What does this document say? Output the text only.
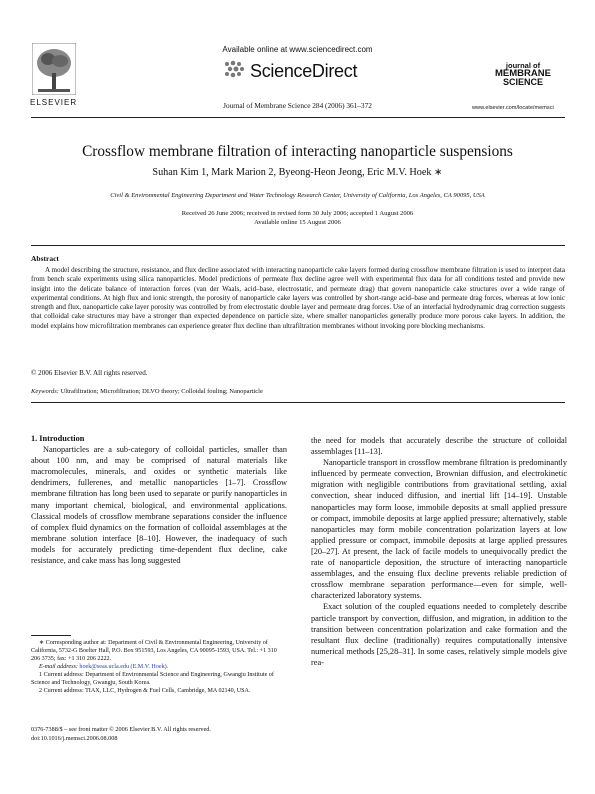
ELSEVIER
Available online at www.sciencedirect.com
ScienceDirect
Journal of Membrane Science 284 (2006) 361–372
journal of
MEMBRANE
SCIENCE
www.elsevier.com/locate/memsci
Crossflow membrane filtration of interacting nanoparticle suspensions
Suhan Kim 1, Mark Marion 2, Byeong-Heon Jeong, Eric M.V. Hoek ∗
Civil & Environmental Engineering Department and Water Technology Research Center, University of California, Los Angeles, CA 90095, USA
Received 26 June 2006; received in revised form 30 July 2006; accepted 1 August 2006
Available online 15 August 2006
Abstract
A model describing the structure, resistance, and flux decline associated with interacting nanoparticle cake layers formed during crossflow membrane filtration is used to interpret data from bench scale experiments using silica nanoparticles. Model predictions of permeate flux decline agree well with experimental flux data for all conditions tested and provide new insight into the delicate balance of interaction forces (van der Waals, acid–base, electrostatic, and permeate drag) that govern nanoparticle cake structures over a wide range of experimental conditions. At high flux and ionic strength, the porosity of nanoparticle cake layers was controlled by short-range acid–base and permeate drag forces, whereas at low ionic strength and flux, nanoparticle cake layer porosity was controlled by from electrostatic double layer and permeate drag forces. Use of an interfacial hydrodynamic drag correction suggests that colloidal cake structures may have a stronger than expected dependence on particle size, where smaller nanoparticles generally produce more porous cake layers. In addition, the model explains how microfiltration membranes can experience greater flux decline than ultrafiltration membranes without invoking pore blocking mechanisms.
© 2006 Elsevier B.V. All rights reserved.
Keywords: Ultrafiltration; Microfiltration; DLVO theory; Colloidal fouling; Nanoparticle

1. Introduction

Nanoparticles are a sub-category of colloidal particles, smaller than about 100 nm, and may be comprised of natural materials like macromolecules, minerals, and oxides or synthetic materials like dendrimers, fullerenes, and metallic nanoparticles [1–7]. Crossflow membrane filtration has long been used to separate or purify nanoparticles in many important chemical, biological, and environmental applications. Classical models of crossflow membrane separations consider the influence of complex fluid dynamics on the formation of colloidal assemblages at the membrane solution interface [8–10]. However, the inadequacy of such models for accurately predicting time-dependent flux decline, cake resistance, and cake mass has long suggested

the need for models that accurately describe the structure of colloidal assemblages [11–13].

Nanoparticle transport in crossflow membrane filtration is predominantly influenced by permeate convection, Brownian diffusion, and electrokinetic migration with negligible contributions from gravitational settling, axial convection, shear induced diffusion, and inertial lift [14–19]. Unstable nanoparticles may form loose, immobile deposits at small applied pressure or compact, immobile deposits at large applied pressure; alternatively, stable nanoparticles may form mobile concentration polarization layers at low applied pressure or compact, immobile deposits at large applied pressures [20–27]. At present, the lack of facile models to unequivocally predict the rate of nanoparticle deposition, the structure of interacting nanoparticle assemblages, and the ensuing flux decline prevents reliable prediction of crossflow membrane separation performance—even for simple, well-characterized laboratory systems.

Exact solution of the coupled equations needed to completely describe particle transport by convection, diffusion, and migration, in addition to the transition between concentration polarization and cake formation and the resultant flux decline (traditionally) requires computationally intensive numerical methods [25,28–31]. In some cases, relatively simple models give rea-

∗ Corresponding author at: Department of Civil & Environmental Engineering, University of California, 5732-G Boelter Hall, P.O. Box 951593, Los Angeles, CA 90095-1593, USA. Tel.: +1 310 206 3735; fax: +1 310 206 2222.

E-mail address: hoek@seas.ucla.edu (E.M.V. Hoek).

1 Current address: Department of Environmental Science and Engineering, Gwangju Institute of Science and Technology, Gwangju, South Korea.

2 Current address: TIAX, LLC, Hydrogen & Fuel Cells, Cambridge, MA 02140, USA.

0376-7388/$ – see front matter © 2006 Elsevier B.V. All rights reserved.
doi:10.1016/j.memsci.2006.08.008
